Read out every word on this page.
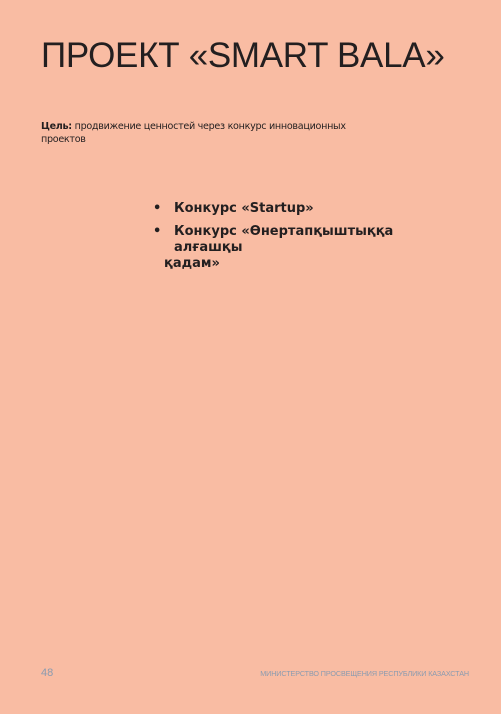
ПРОЕКТ «SMART BALA»
Цель: продвижение ценностей через конкурс инновационных проектов
• Конкурс «Startup»
• Конкурс «Өнертапқыштыққа алғашқы
қадам»
48	МИНИСТЕРСТВО ПРОСВЕЩЕНИЯ РЕСПУБЛИКИ КАЗАХСТАН
